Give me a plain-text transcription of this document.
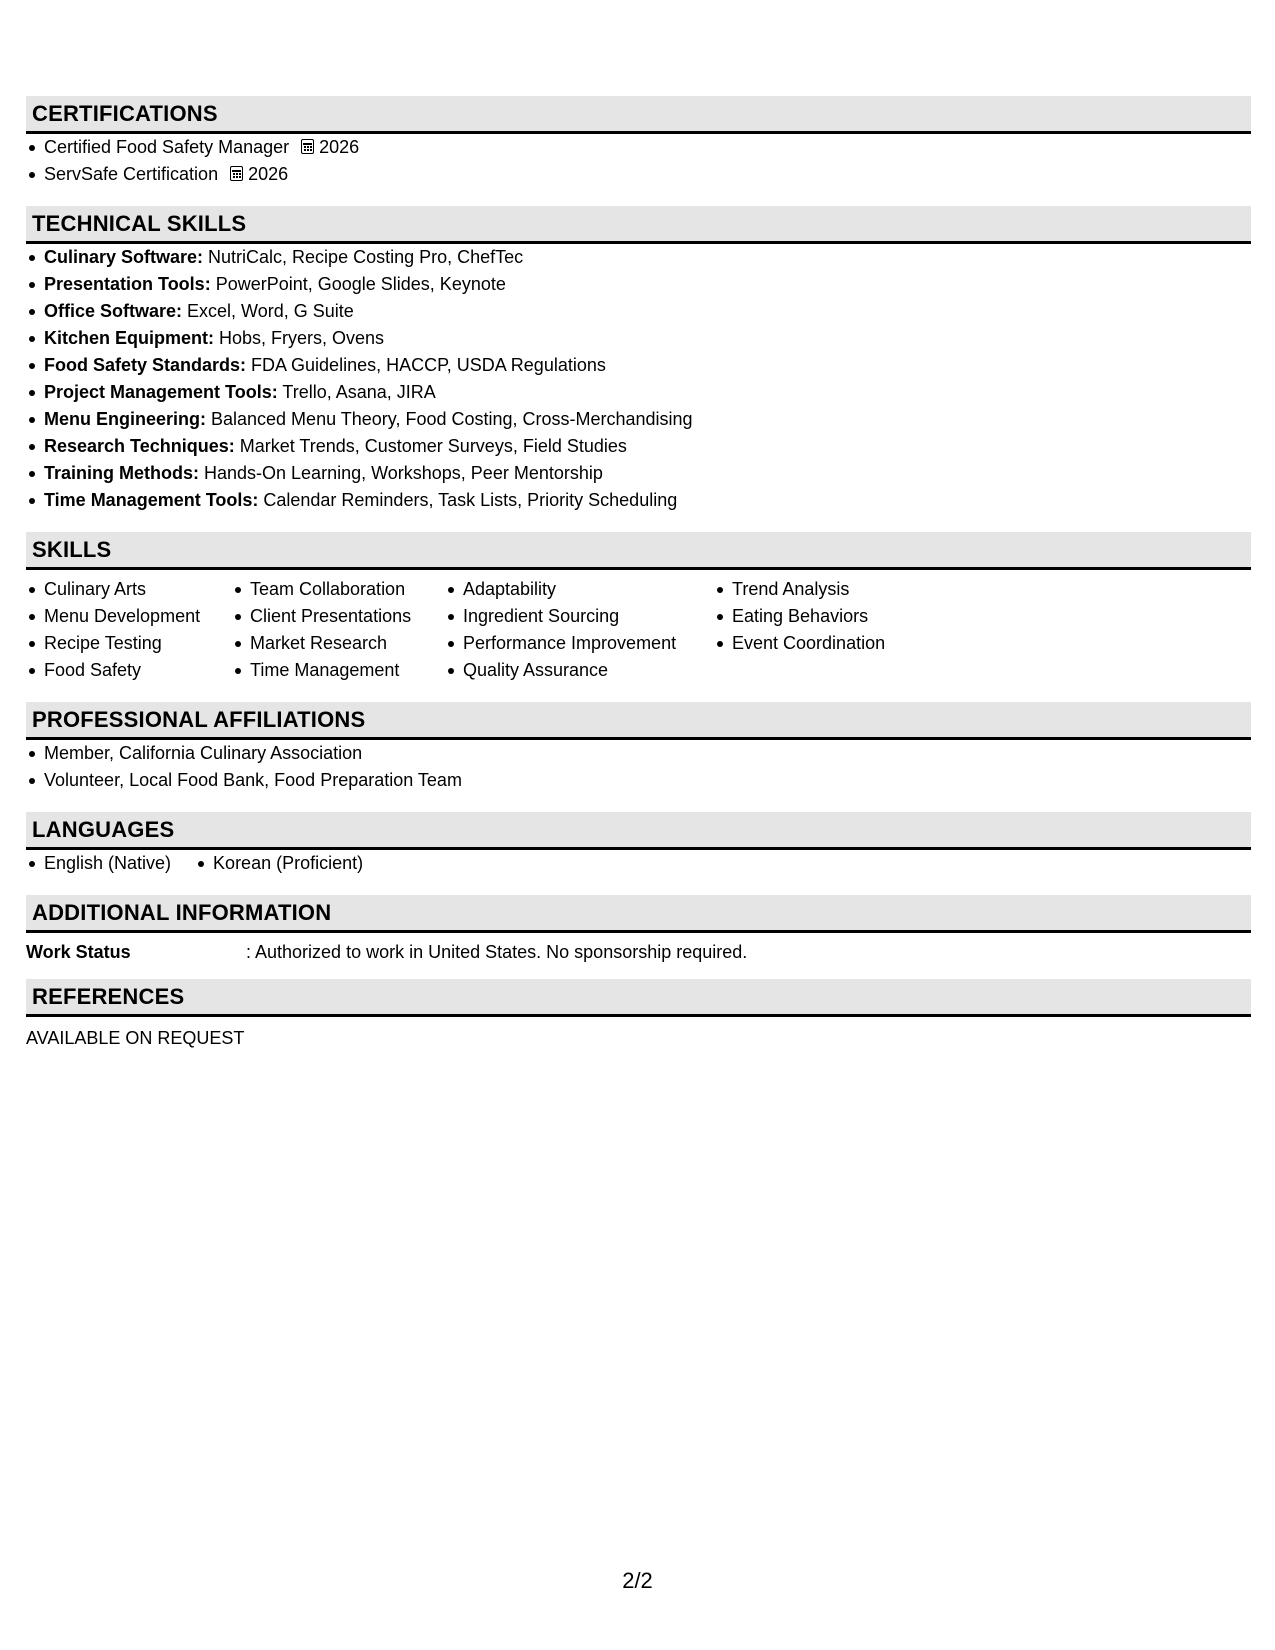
CERTIFICATIONS
Certified Food Safety Manager 2026
ServSafe Certification 2026
TECHNICAL SKILLS
Culinary Software: NutriCalc, Recipe Costing Pro, ChefTec
Presentation Tools: PowerPoint, Google Slides, Keynote
Office Software: Excel, Word, G Suite
Kitchen Equipment: Hobs, Fryers, Ovens
Food Safety Standards: FDA Guidelines, HACCP, USDA Regulations
Project Management Tools: Trello, Asana, JIRA
Menu Engineering: Balanced Menu Theory, Food Costing, Cross-Merchandising
Research Techniques: Market Trends, Customer Surveys, Field Studies
Training Methods: Hands-On Learning, Workshops, Peer Mentorship
Time Management Tools: Calendar Reminders, Task Lists, Priority Scheduling
SKILLS
Culinary Arts
Menu Development
Recipe Testing
Food Safety
Team Collaboration
Client Presentations
Market Research
Time Management
Adaptability
Ingredient Sourcing
Performance Improvement
Quality Assurance
Trend Analysis
Eating Behaviors
Event Coordination
PROFESSIONAL AFFILIATIONS
Member, California Culinary Association
Volunteer, Local Food Bank, Food Preparation Team
LANGUAGES
English (Native)	Korean (Proficient)
ADDITIONAL INFORMATION
Work Status	: Authorized to work in United States. No sponsorship required.
REFERENCES
AVAILABLE ON REQUEST
2/2
